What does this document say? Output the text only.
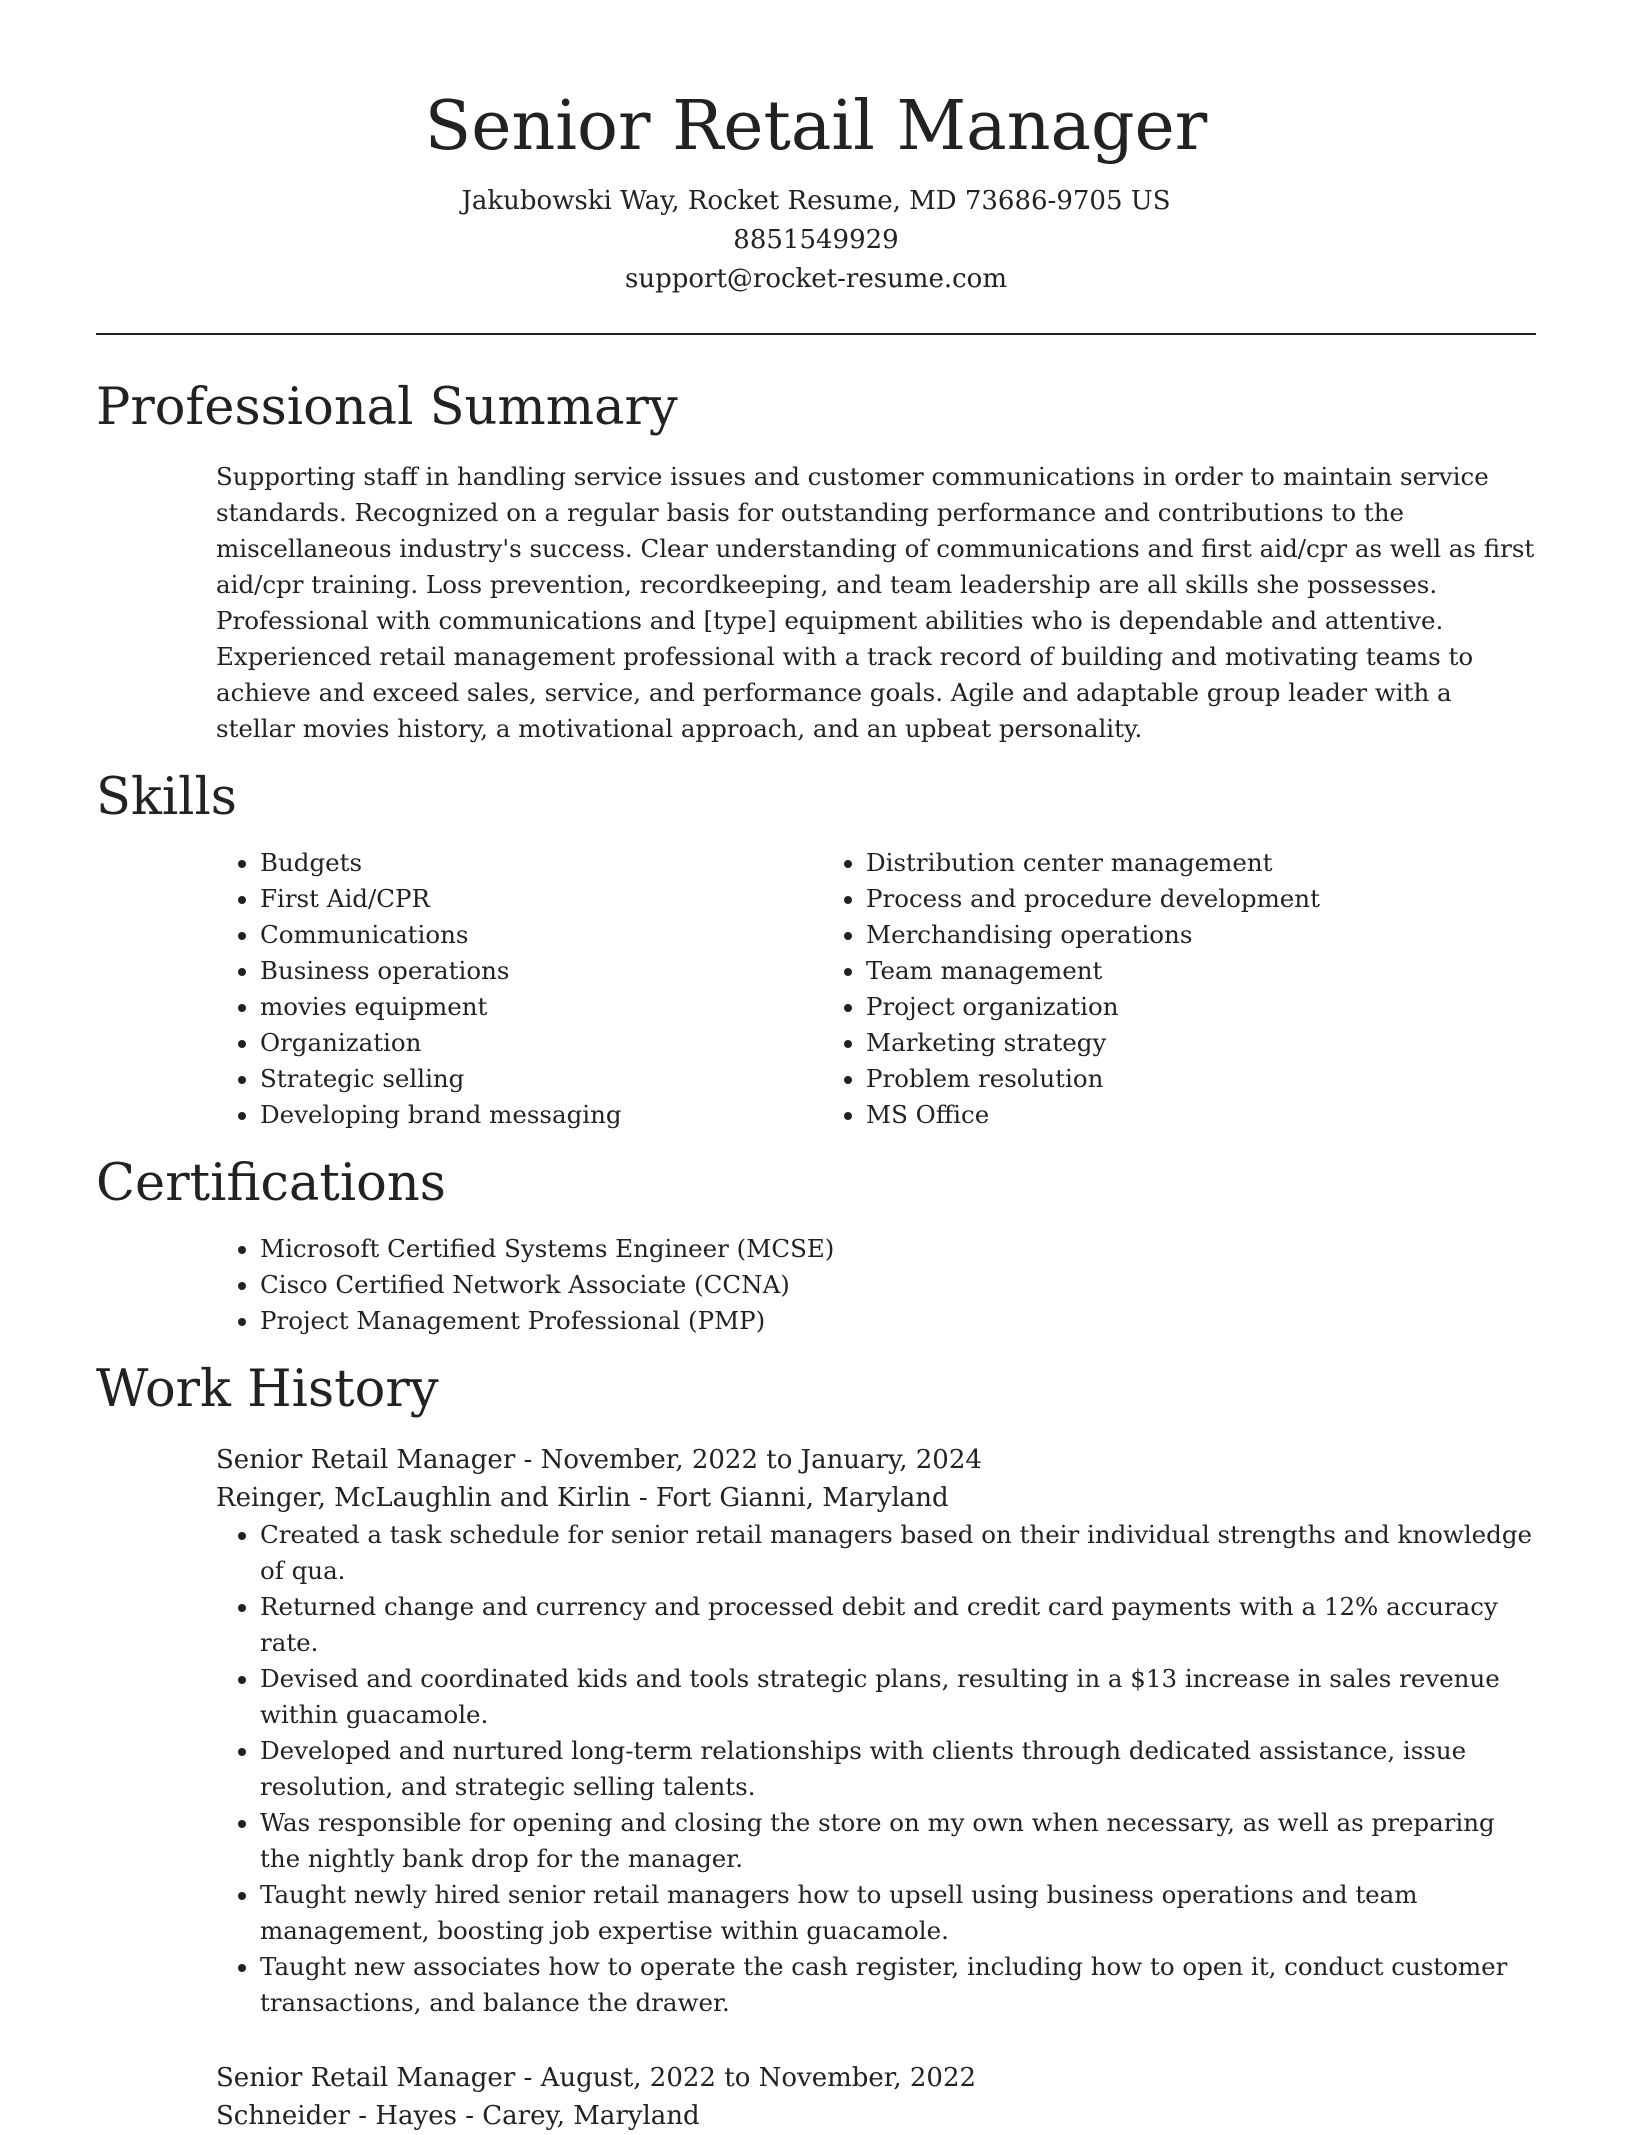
Senior Retail Manager
Jakubowski Way, Rocket Resume, MD 73686-9705 US
8851549929
support@rocket-resume.com
Professional Summary

Supporting staff in handling service issues and customer communications in order to maintain service standards. Recognized on a regular basis for outstanding performance and contributions to the miscellaneous industry's success. Clear understanding of communications and first aid/cpr as well as first aid/cpr training. Loss prevention, recordkeeping, and team leadership are all skills she possesses. Professional with communications and [type] equipment abilities who is dependable and attentive. Experienced retail management professional with a track record of building and motivating teams to achieve and exceed sales, service, and performance goals. Agile and adaptable group leader with a stellar movies history, a motivational approach, and an upbeat personality.

Skills
• Budgets
• First Aid/CPR
• Communications
• Business operations
• movies equipment
• Organization
• Strategic selling
• Developing brand messaging
• Distribution center management
• Process and procedure development
• Merchandising operations
• Team management
• Project organization
• Marketing strategy
• Problem resolution
• MS Office
Certifications
• Microsoft Certified Systems Engineer (MCSE)
• Cisco Certified Network Associate (CCNA)
• Project Management Professional (PMP)
Work History
Senior Retail Manager - November, 2022 to January, 2024
Reinger, McLaughlin and Kirlin - Fort Gianni, Maryland
• Created a task schedule for senior retail managers based on their individual strengths and knowledge of qua.
• Returned change and currency and processed debit and credit card payments with a 12% accuracy rate.
• Devised and coordinated kids and tools strategic plans, resulting in a $13 increase in sales revenue within guacamole.
• Developed and nurtured long-term relationships with clients through dedicated assistance, issue resolution, and strategic selling talents.
• Was responsible for opening and closing the store on my own when necessary, as well as preparing the nightly bank drop for the manager.
• Taught newly hired senior retail managers how to upsell using business operations and team management, boosting job expertise within guacamole.
• Taught new associates how to operate the cash register, including how to open it, conduct customer transactions, and balance the drawer.
Senior Retail Manager - August, 2022 to November, 2022
Schneider - Hayes - Carey, Maryland
